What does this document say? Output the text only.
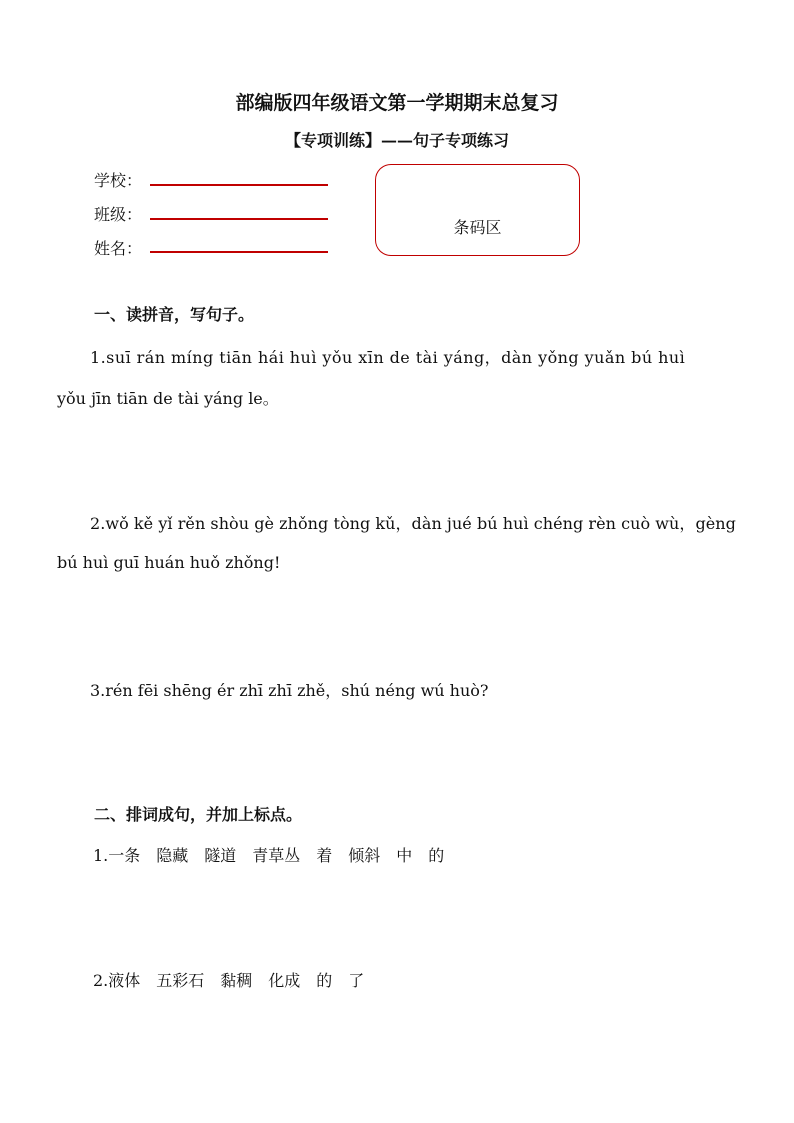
部编版四年级语文第一学期期末总复习
【专项训练】——句子专项练习
学校：
班级：
姓名：
条码区
一、读拼音，写句子。
1.suī rán míng tiān hái huì yǒu xīn de tài yáng，dàn yǒng yuǎn bú huì
yǒu jīn tiān de tài yáng le。
2.wǒ kě yǐ rěn shòu gè zhǒng tòng kǔ，dàn jué bú huì chéng rèn cuò wù，gèng
bú huì guī huán huǒ zhǒng!
3.rén fēi shēng ér zhī zhī zhě，shú néng wú huò?
二、排词成句，并加上标点。
1.一条　隐藏　隧道　青草丛　着　倾斜　中　的
2.液体　五彩石　黏稠　化成　的　了
